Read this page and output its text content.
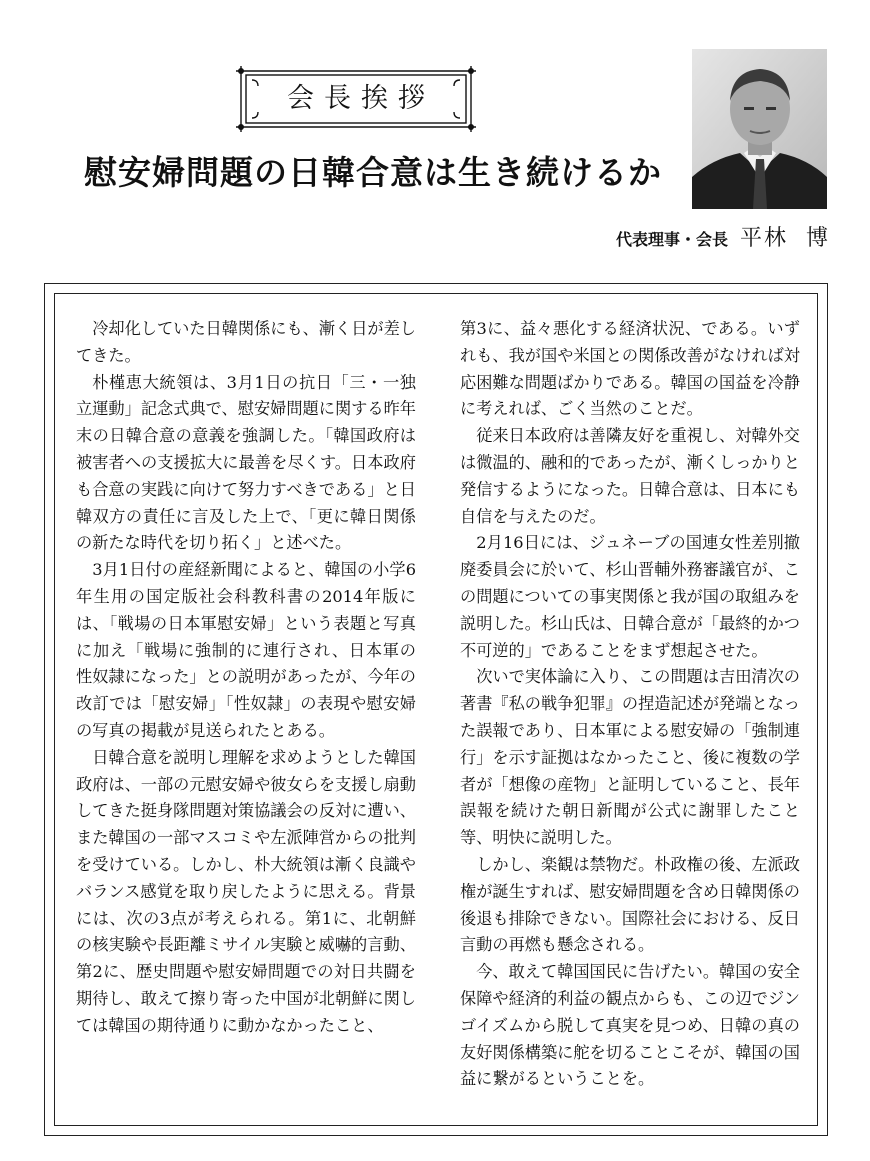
会長挨拶
慰安婦問題の日韓合意は生き続けるか
代表理事・会長 平林 博

冷却化していた日韓関係にも、漸く日が差してきた。

朴槿恵大統領は、3月1日の抗日「三・一独立運動」記念式典で、慰安婦問題に関する昨年末の日韓合意の意義を強調した。「韓国政府は被害者への支援拡大に最善を尽くす。日本政府も合意の実践に向けて努力すべきである」と日韓双方の責任に言及した上で、「更に韓日関係の新たな時代を切り拓く」と述べた。

3月1日付の産経新聞によると、韓国の小学6年生用の国定版社会科教科書の2014年版には、「戦場の日本軍慰安婦」という表題と写真に加え「戦場に強制的に連行され、日本軍の性奴隷になった」との説明があったが、今年の改訂では「慰安婦」「性奴隷」の表現や慰安婦の写真の掲載が見送られたとある。

日韓合意を説明し理解を求めようとした韓国政府は、一部の元慰安婦や彼女らを支援し扇動してきた挺身隊問題対策協議会の反対に遭い、また韓国の一部マスコミや左派陣営からの批判を受けている。しかし、朴大統領は漸く良識やバランス感覚を取り戻したように思える。背景には、次の3点が考えられる。第1に、北朝鮮の核実験や長距離ミサイル実験と威嚇的言動、第2に、歴史問題や慰安婦問題での対日共闘を期待し、敢えて擦り寄った中国が北朝鮮に関しては韓国の期待通りに動かなかったこと、

第3に、益々悪化する経済状況、である。いずれも、我が国や米国との関係改善がなければ対応困難な問題ばかりである。韓国の国益を冷静に考えれば、ごく当然のことだ。

従来日本政府は善隣友好を重視し、対韓外交は微温的、融和的であったが、漸くしっかりと発信するようになった。日韓合意は、日本にも自信を与えたのだ。

2月16日には、ジュネーブの国連女性差別撤廃委員会に於いて、杉山晋輔外務審議官が、この問題についての事実関係と我が国の取組みを説明した。杉山氏は、日韓合意が「最終的かつ不可逆的」であることをまず想起させた。

次いで実体論に入り、この問題は吉田清次の著書『私の戦争犯罪』の捏造記述が発端となった誤報であり、日本軍による慰安婦の「強制連行」を示す証拠はなかったこと、後に複数の学者が「想像の産物」と証明していること、長年誤報を続けた朝日新聞が公式に謝罪したこと等、明快に説明した。

しかし、楽観は禁物だ。朴政権の後、左派政権が誕生すれば、慰安婦問題を含め日韓関係の後退も排除できない。国際社会における、反日言動の再燃も懸念される。

今、敢えて韓国国民に告げたい。韓国の安全保障や経済的利益の観点からも、この辺でジンゴイズムから脱して真実を見つめ、日韓の真の友好関係構築に舵を切ることこそが、韓国の国益に繋がるということを。
